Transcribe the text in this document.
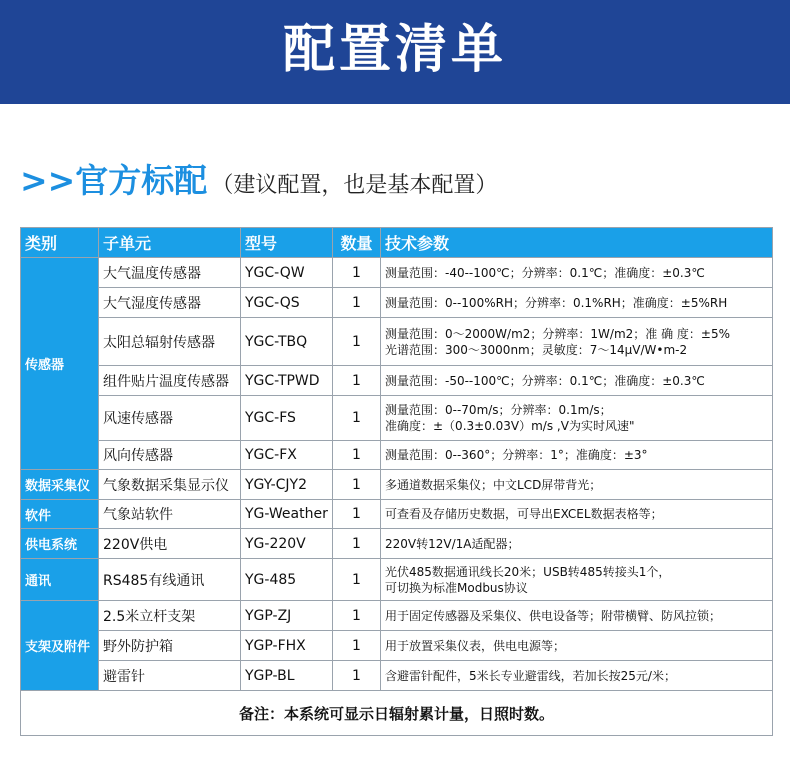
配置清单
>>官方标配 （建议配置，也是基本配置）
类别	子单元	型号	数量	技术参数
传感器	大气温度传感器	YGC-QW	1	测量范围：-40--100℃；分辨率：0.1℃；准确度：±0.3℃

	大气湿度传感器	YGC-QS	1	测量范围：0--100%RH；分辨率：0.1%RH；准确度：±5%RH

	太阳总辐射传感器	YGC-TBQ	1	测量范围：0～2000W/m2；分辨率：1W/m2；准 确 度：±5%
光谱范围：300～3000nm；灵敏度：7～14μV/W•m-2

	组件贴片温度传感器	YGC-TPWD	1	测量范围：-50--100℃；分辨率：0.1℃；准确度：±0.3℃

	风速传感器	YGC-FS	1	测量范围：0--70m/s；分辨率：0.1m/s；
准确度：±（0.3±0.03V）m/s ,V为实时风速"

	风向传感器	YGC-FX	1	测量范围：0--360°；分辨率：1°；准确度：±3°

数据采集仪	气象数据采集显示仪	YGY-CJY2	1	多通道数据采集仪；中文LCD屏带背光；

软件	气象站软件	YG-Weather	1	可查看及存储历史数据，可导出EXCEL数据表格等；

供电系统	220V供电	YG-220V	1	220V转12V/1A适配器；

通讯	RS485有线通讯	YG-485	1	光伏485数据通讯线长20米；USB转485转接头1个，
可切换为标准Modbus协议

支架及附件	2.5米立杆支架	YGP-ZJ	1	用于固定传感器及采集仪、供电设备等；附带横臂、防风拉锁；

	野外防护箱	YGP-FHX	1	用于放置采集仪表，供电电源等；

	避雷针	YGP-BL	1	含避雷针配件，5米长专业避雷线，若加长按25元/米；

备注：本系统可显示日辐射累计量，日照时数。				
